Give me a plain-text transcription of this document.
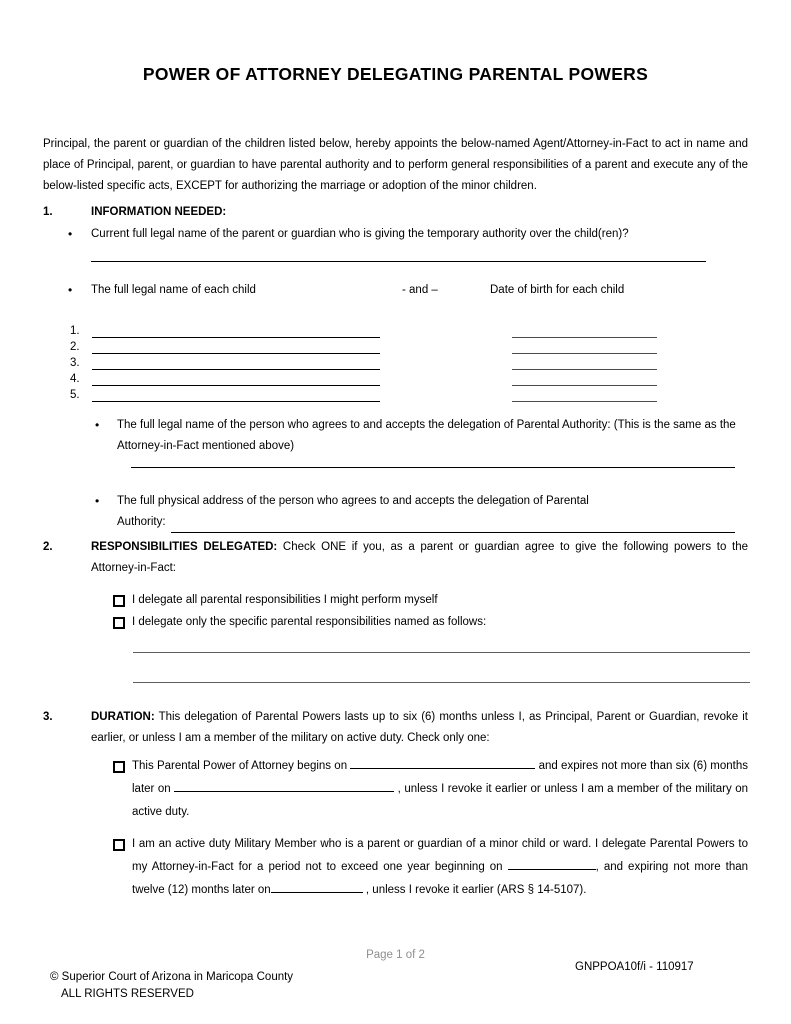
POWER OF ATTORNEY DELEGATING PARENTAL POWERS
Principal, the parent or guardian of the children listed below, hereby appoints the below-named Agent/Attorney-in-Fact to act in name and place of Principal, parent, or guardian to have parental authority and to perform general responsibilities of a parent and execute any of the below-listed specific acts, EXCEPT for authorizing the marriage or adoption of the minor children.
1.	INFORMATION NEEDED:
•	Current full legal name of the parent or guardian who is giving the temporary authority over the child(ren)?
•	The full legal name of each child	- and –	Date of birth for each child
1.
2.
3.
4.
5.
•	The full legal name of the person who agrees to and accepts the delegation of Parental Authority: (This is the same as the Attorney-in-Fact mentioned above)
•	The full physical address of the person who agrees to and accepts the delegation of Parental
Authority:
2.	RESPONSIBILITIES DELEGATED: Check ONE if you, as a parent or guardian agree to give the following powers to the Attorney-in-Fact:
I delegate all parental responsibilities I might perform myself
I delegate only the specific parental responsibilities named as follows:
3.	DURATION: This delegation of Parental Powers lasts up to six (6) months unless I, as Principal, Parent or Guardian, revoke it earlier, or unless I am a member of the military on active duty. Check only one:
This Parental Power of Attorney begins on	and expires not more than six (6) months later on	, unless I revoke it earlier or unless I am a member of the military on active duty.
I am an active duty Military Member who is a parent or guardian of a minor child or ward. I delegate Parental Powers to my Attorney-in-Fact for a period not to exceed one year beginning on	, and expiring not more than twelve (12) months later on	, unless I revoke it earlier (ARS § 14-5107).
Page 1 of 2
© Superior Court of Arizona in Maricopa County
ALL RIGHTS RESERVED
GNPPOA10f/i - 110917
